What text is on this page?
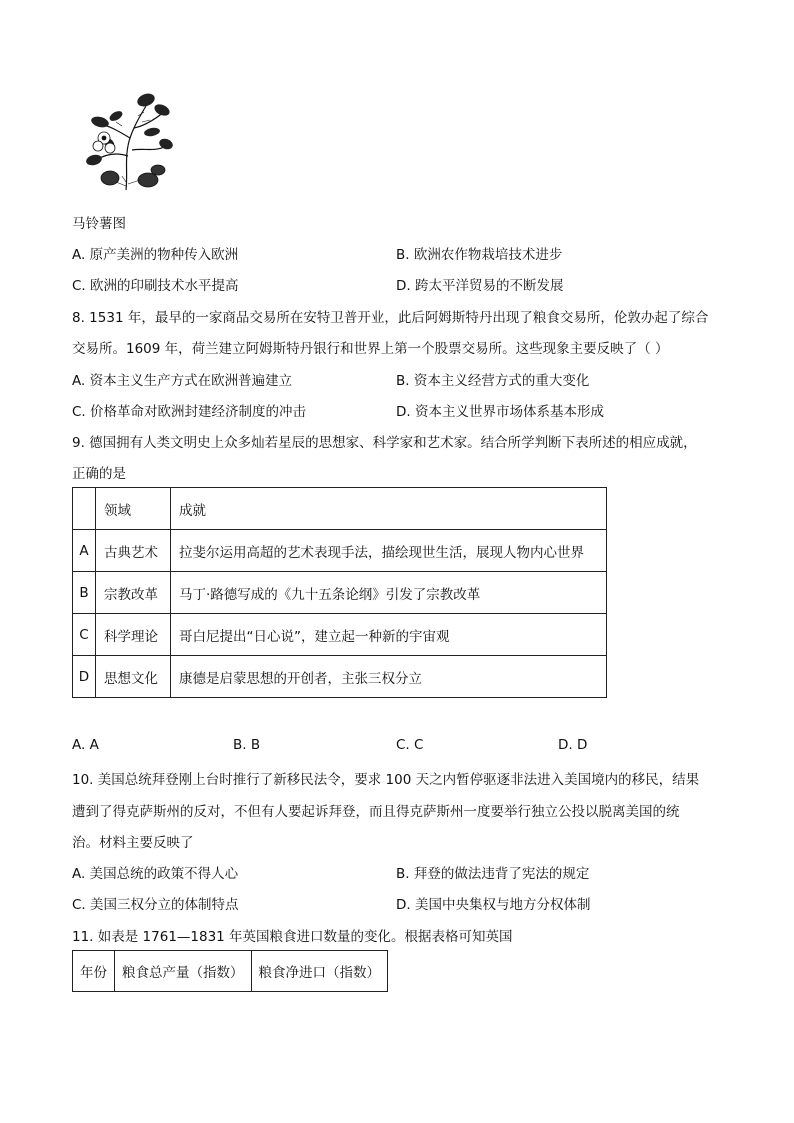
马铃薯图
A. 原产美洲的物种传入欧洲	B. 欧洲农作物栽培技术进步
C. 欧洲的印刷技术水平提高	D. 跨太平洋贸易的不断发展
8. 1531 年，最早的一家商品交易所在安特卫普开业，此后阿姆斯特丹出现了粮食交易所，伦敦办起了综合
交易所。1609 年，荷兰建立阿姆斯特丹银行和世界上第一个股票交易所。这些现象主要反映了（ ）
A. 资本主义生产方式在欧洲普遍建立	B. 资本主义经营方式的重大变化
C. 价格革命对欧洲封建经济制度的冲击	D. 资本主义世界市场体系基本形成
9. 德国拥有人类文明史上众多灿若星辰的思想家、科学家和艺术家。结合所学判断下表所述的相应成就，
正确的是
	领域	成就
A	古典艺术	拉斐尔运用高超的艺术表现手法，描绘现世生活，展现人物内心世界
B	宗教改革	马丁·路德写成的《九十五条论纲》引发了宗教改革
C	科学理论	哥白尼提出“日心说”，建立起一种新的宇宙观
D	思想文化	康德是启蒙思想的开创者，主张三权分立
A. A	B. B	C. C	D. D
10. 美国总统拜登刚上台时推行了新移民法令，要求 100 天之内暂停驱逐非法进入美国境内的移民，结果
遭到了得克萨斯州的反对，不但有人要起诉拜登，而且得克萨斯州一度要举行独立公投以脱离美国的统
治。材料主要反映了
A. 美国总统的政策不得人心	B. 拜登的做法违背了宪法的规定
C. 美国三权分立的体制特点	D. 美国中央集权与地方分权体制
11. 如表是 1761—1831 年英国粮食进口数量的变化。根据表格可知英国
年份	粮食总产量（指数）	粮食净进口（指数）
